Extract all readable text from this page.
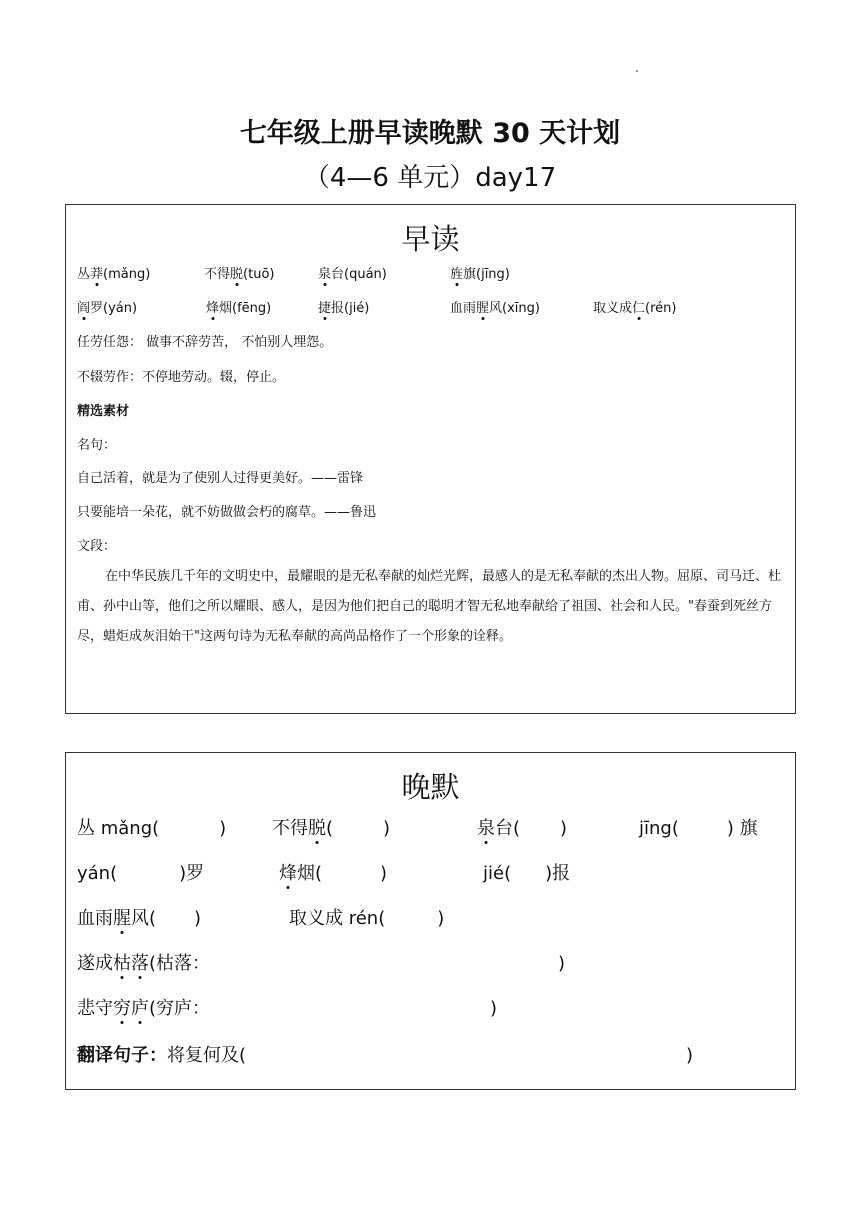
七年级上册早读晚默 30 天计划
（4—6 单元）day17
早读
丛莽(mǎng)	不得脱(tuō)	泉台(quán)	旌旗(jīng)
阎罗(yán)	烽烟(fēng)	捷报(jié)	血雨腥风(xīng)	取义成仁(rén)
任劳任怨： 做事不辞劳苦， 不怕别人埋怨。
不辍劳作：不停地劳动。辍，停止。
精选素材
名句：
自己活着，就是为了使别人过得更美好。——雷锋
只要能培一朵花，就不妨做做会朽的腐草。——鲁迅
文段：
在中华民族几千年的文明史中，最耀眼的是无私奉献的灿烂光辉，最感人的是无私奉献的杰出人物。屈原、司马迁、杜甫、孙中山等，他们之所以耀眼、感人，是因为他们把自己的聪明才智无私地奉献给了祖国、社会和人民。"春蚕到死丝方尽，蜡炬成灰泪始干"这两句诗为无私奉献的高尚品格作了一个形象的诠释。
晚默
丛 mǎng(	)	不得脱(	)	泉台( )	jīng(	) 旗
yán(	)罗	烽烟(	)	jié( )报
血雨腥风( )	取义成 rén(	)
遂成枯落(枯落：	)
悲守穷庐(穷庐：	)
翻译句子：将复何及(	)
